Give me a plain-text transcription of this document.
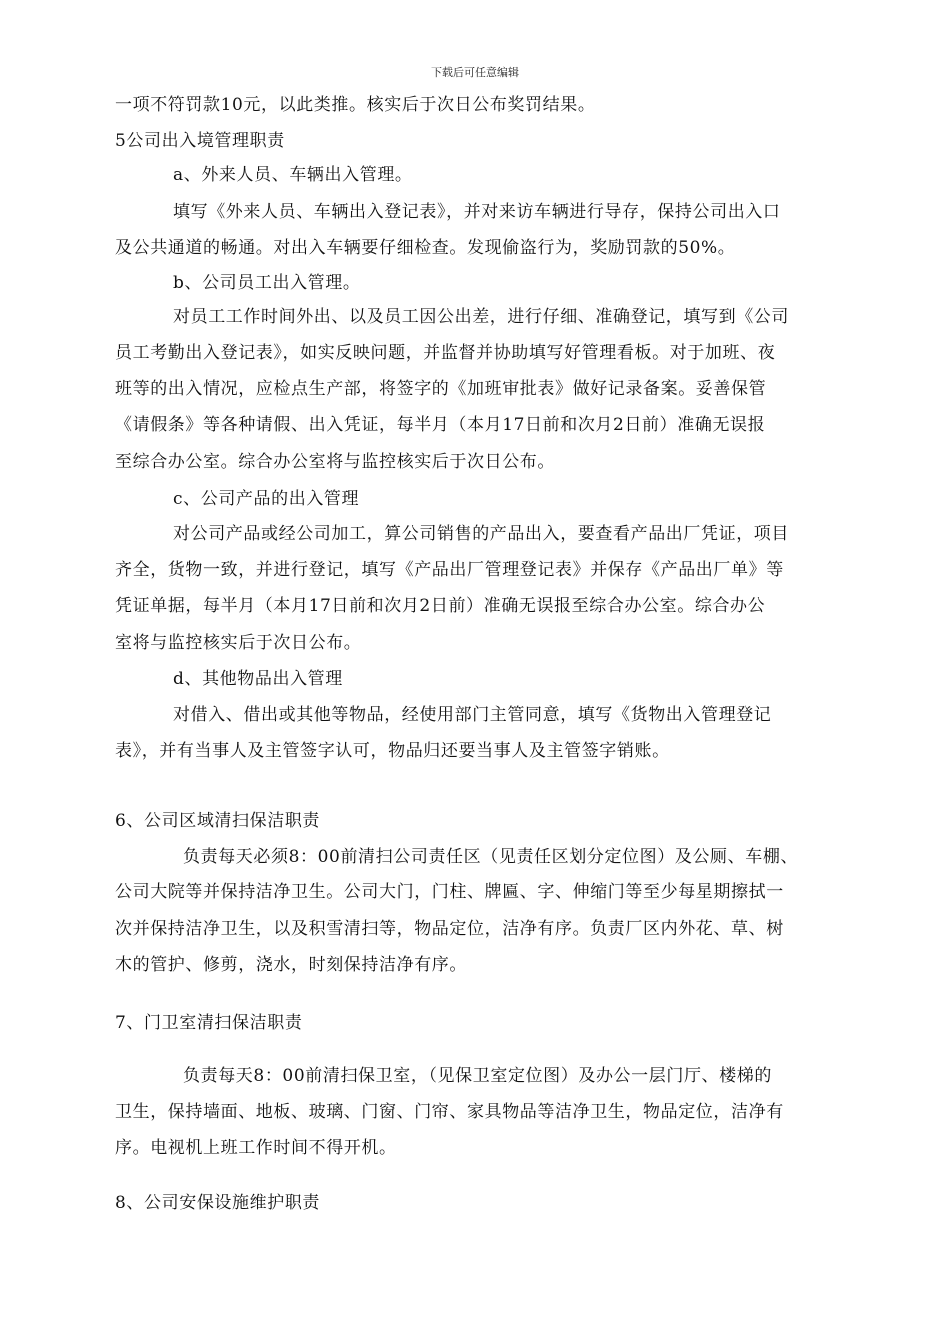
下载后可任意编辑
一项不符罚款10元，以此类推。核实后于次日公布奖罚结果。
5公司出入境管理职责
a、外来人员、车辆出入管理。
填写《外来人员、车辆出入登记表》，并对来访车辆进行导存，保持公司出入口
及公共通道的畅通。对出入车辆要仔细检查。发现偷盗行为，奖励罚款的50%。
b、公司员工出入管理。
对员工工作时间外出、以及员工因公出差，进行仔细、准确登记，填写到《公司
员工考勤出入登记表》，如实反映问题，并监督并协助填写好管理看板。对于加班、夜
班等的出入情况，应检点生产部，将签字的《加班审批表》做好记录备案。妥善保管
《请假条》等各种请假、出入凭证，每半月（本月17日前和次月2日前）准确无误报
至综合办公室。综合办公室将与监控核实后于次日公布。
c、公司产品的出入管理
对公司产品或经公司加工，算公司销售的产品出入，要查看产品出厂凭证，项目
齐全，货物一致，并进行登记，填写《产品出厂管理登记表》并保存《产品出厂单》等
凭证单据，每半月（本月17日前和次月2日前）准确无误报至综合办公室。综合办公
室将与监控核实后于次日公布。
d、其他物品出入管理
对借入、借出或其他等物品，经使用部门主管同意，填写《货物出入管理登记
表》，并有当事人及主管签字认可，物品归还要当事人及主管签字销账。
6、公司区域清扫保洁职责
负责每天必须8：00前清扫公司责任区（见责任区划分定位图）及公厕、车棚、
公司大院等并保持洁净卫生。公司大门，门柱、牌匾、字、伸缩门等至少每星期擦拭一
次并保持洁净卫生，以及积雪清扫等，物品定位，洁净有序。负责厂区内外花、草、树
木的管护、修剪，浇水，时刻保持洁净有序。
7、门卫室清扫保洁职责
负责每天8：00前清扫保卫室，（见保卫室定位图）及办公一层门厅、楼梯的
卫生，保持墙面、地板、玻璃、门窗、门帘、家具物品等洁净卫生，物品定位，洁净有
序。电视机上班工作时间不得开机。
8、公司安保设施维护职责
